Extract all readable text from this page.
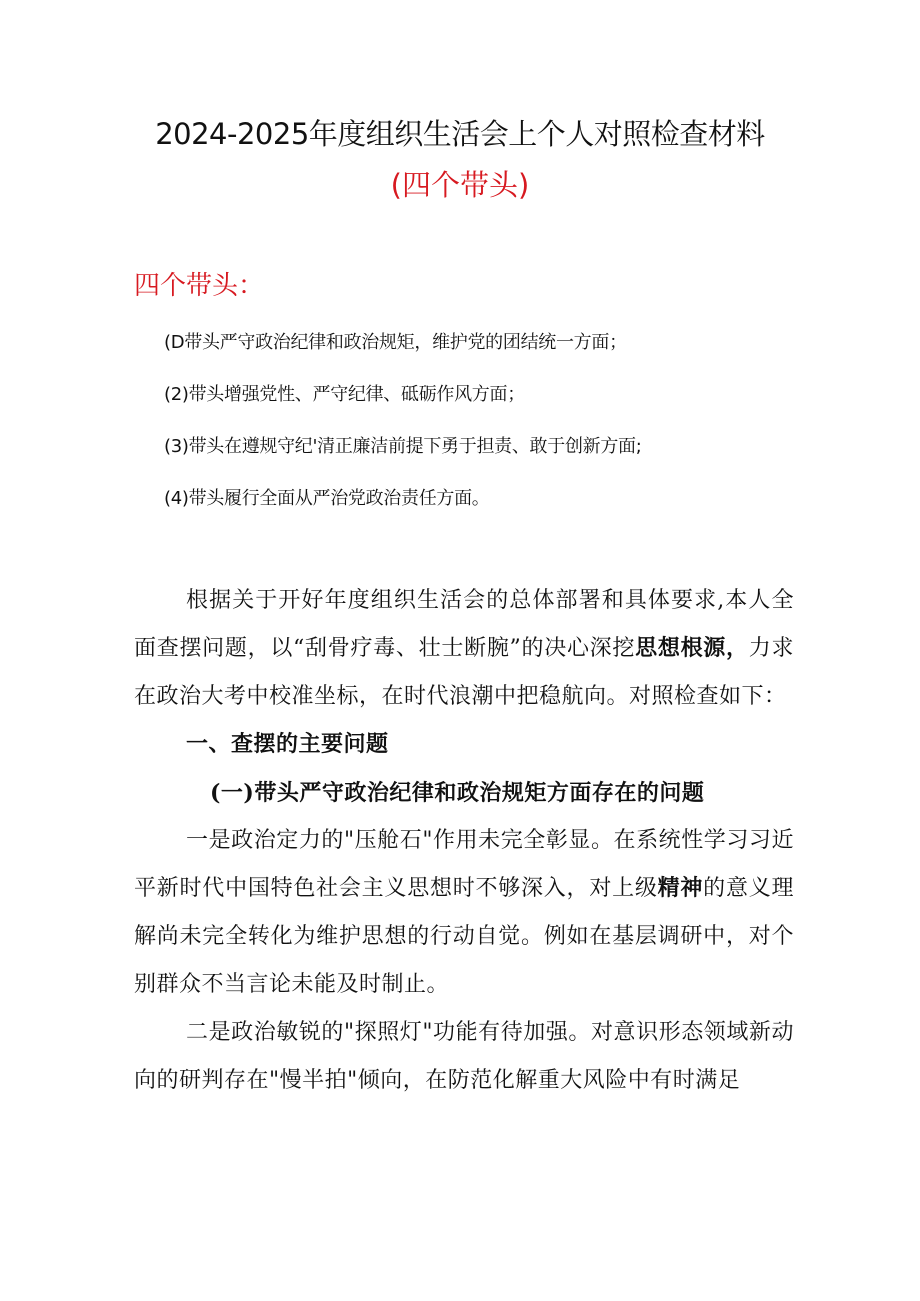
2024-2025年度组织生活会上个人对照检查材料
(四个带头)
四个带头：
(D带头严守政治纪律和政治规矩，维护党的团结统一方面；
(2)带头增强党性、严守纪律、砥砺作风方面；
(3)带头在遵规守纪'清正廉洁前提下勇于担责、敢于创新方面;
(4)带头履行全面从严治党政治责任方面。

根据关于开好年度组织生活会的总体部署和具体要求,本人全面查摆问题，以“刮骨疗毒、壮士断腕”的决心深挖思想根源，力求在政治大考中校准坐标，在时代浪潮中把稳航向。对照检查如下：

一、查摆的主要问题

(一)带头严守政治纪律和政治规矩方面存在的问题

一是政治定力的"压舱石"作用未完全彰显。在系统性学习习近平新时代中国特色社会主义思想时不够深入，对上级精神的意义理解尚未完全转化为维护思想的行动自觉。例如在基层调研中，对个别群众不当言论未能及时制止。

二是政治敏锐的"探照灯"功能有待加强。对意识形态领域新动向的研判存在"慢半拍"倾向，在防范化解重大风险中有时满足
